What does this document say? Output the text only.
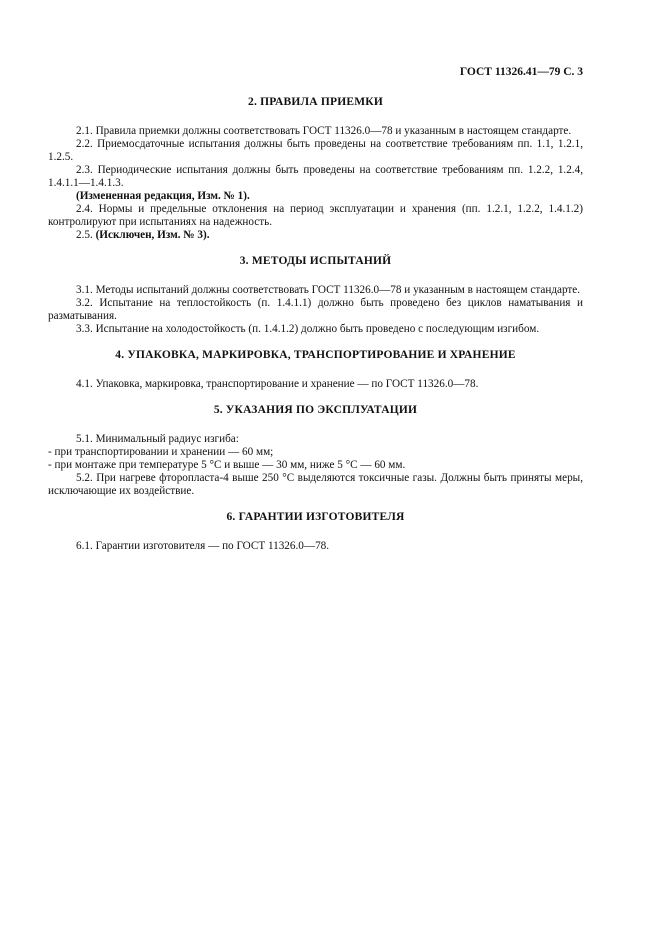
ГОСТ 11326.41—79 С. 3
2. ПРАВИЛА ПРИЕМКИ

2.1. Правила приемки должны соответствовать ГОСТ 11326.0—78 и указанным в настоящем стандарте.

2.2. Приемосдаточные испытания должны быть проведены на соответствие требованиям пп. 1.1, 1.2.1, 1.2.5.

2.3. Периодические испытания должны быть проведены на соответствие требованиям пп. 1.2.2, 1.2.4, 1.4.1.1—1.4.1.3.

(Измененная редакция, Изм. № 1).

2.4. Нормы и предельные отклонения на период эксплуатации и хранения (пп. 1.2.1, 1.2.2, 1.4.1.2) контролируют при испытаниях на надежность.

2.5. (Исключен, Изм. № 3).

3. МЕТОДЫ ИСПЫТАНИЙ

3.1. Методы испытаний должны соответствовать ГОСТ 11326.0—78 и указанным в настоящем стандарте.

3.2. Испытание на теплостойкость (п. 1.4.1.1) должно быть проведено без циклов наматывания и разматывания.

3.3. Испытание на холодостойкость (п. 1.4.1.2) должно быть проведено с последующим изгибом.

4. УПАКОВКА, МАРКИРОВКА, ТРАНСПОРТИРОВАНИЕ И ХРАНЕНИЕ

4.1. Упаковка, маркировка, транспортирование и хранение — по ГОСТ 11326.0—78.

5. УКАЗАНИЯ ПО ЭКСПЛУАТАЦИИ

5.1. Минимальный радиус изгиба:

- при транспортировании и хранении — 60 мм;

- при монтаже при температуре 5 °С и выше — 30 мм, ниже 5 °С — 60 мм.

5.2. При нагреве фторопласта-4 выше 250 °С выделяются токсичные газы. Должны быть приняты меры, исключающие их воздействие.

6. ГАРАНТИИ ИЗГОТОВИТЕЛЯ

6.1. Гарантии изготовителя — по ГОСТ 11326.0—78.
